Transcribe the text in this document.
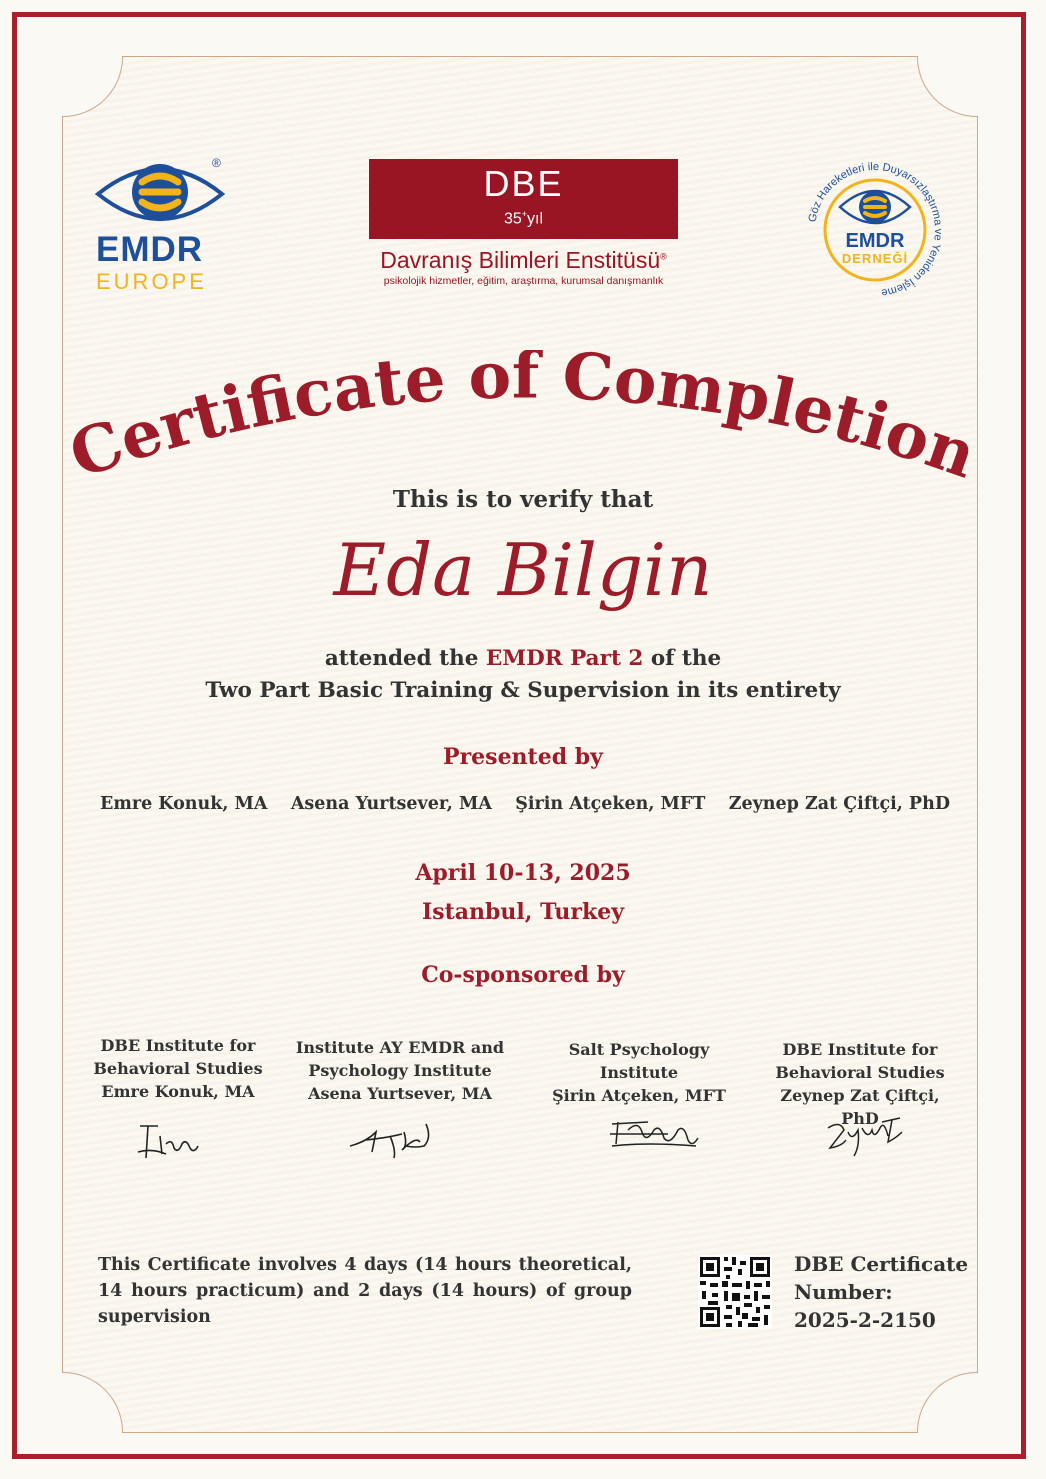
EMDR
EUROPE
®	DBE
35+yıl
Davranış Bilimleri Enstitüsü®
psikolojik hizmetler, eğitim, araştırma, kurumsal danışmanlık
Göz Hareketleri ile Duyarsızlaştırma ve Yeniden İşleme
EMDR
DERNEĞİ
Certificate of Completion
This is to verify that
Eda Bilgin
attended the EMDR Part 2 of the
Two Part Basic Training & Supervision in its entirety
Presented by
Emre Konuk, MA Asena Yurtsever, MA Şirin Atçeken, MFT Zeynep Zat Çiftçi, PhD
April 10-13, 2025
Istanbul, Turkey
Co-sponsored by
DBE Institute for
Behavioral Studies
Emre Konuk, MA
Institute AY EMDR and
Psychology Institute
Asena Yurtsever, MA
Salt Psychology Institute
Şirin Atçeken, MFT
DBE Institute for
Behavioral Studies
Zeynep Zat Çiftçi, PhD
This Certificate involves 4 days (14 hours theoretical, 14 hours practicum) and 2 days (14 hours) of group supervision
DBE Certificate
Number:
2025-2-2150
